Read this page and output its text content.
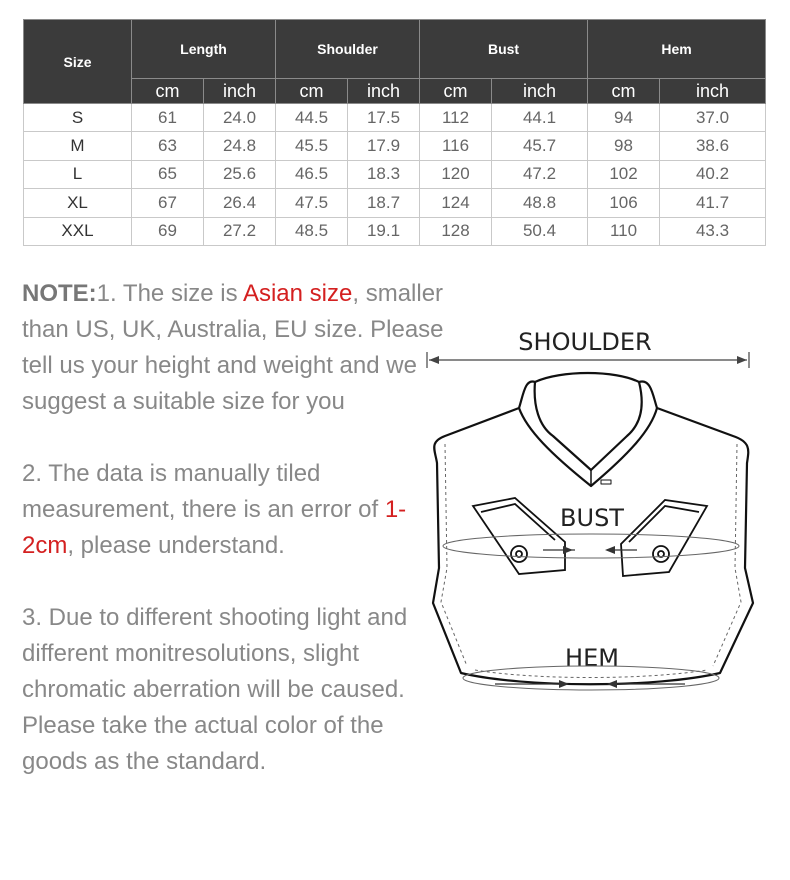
Size	Length		Shoulder		Bust		Hem	
	cm	inch	cm	inch	cm	inch	cm	inch
S	61	24.0	44.5	17.5	112	44.1	94	37.0
M	63	24.8	45.5	17.9	116	45.7	98	38.6
L	65	25.6	46.5	18.3	120	47.2	102	40.2
XL	67	26.4	47.5	18.7	124	48.8	106	41.7
XXL	69	27.2	48.5	19.1	128	50.4	110	43.3

NOTE:1. The size is Asian size, smaller than US, UK, Australia, EU size. Please tell us your height and weight and we suggest a suitable size for you

2. The data is manually tiled measurement, there is an error of 1-2cm, please understand.

3. Due to different shooting light and different monitresolutions, slight chromatic aberration will be caused. Please take the actual color of the goods as the standard.

SHOULDER
BUST
HEM
